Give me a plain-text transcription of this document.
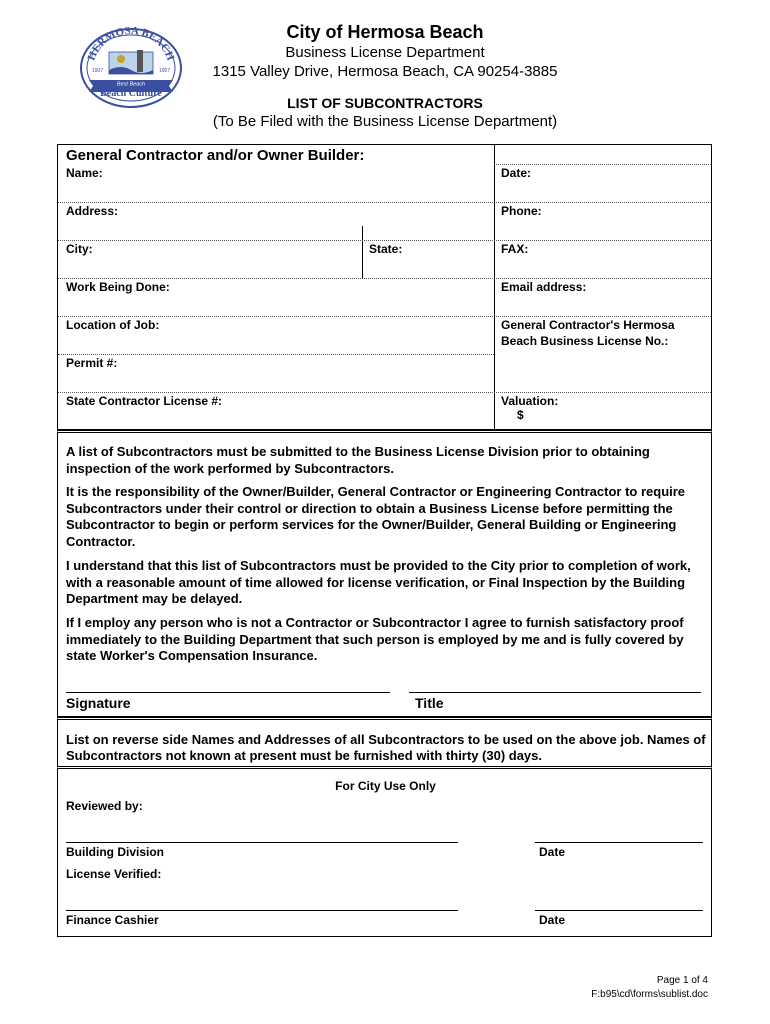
HERMOSA BEACH
1907	1907
Best Beach
Beach Culture
City of Hermosa Beach
Business License Department
1315 Valley Drive, Hermosa Beach, CA 90254-3885
LIST OF SUBCONTRACTORS
(To Be Filed with the Business License Department)
General Contractor and/or Owner Builder:
Name:	Date:
Address:	Phone:
City:	State:	FAX:
Work Being Done:	Email address:
Location of Job:	General Contractor's Hermosa
Beach Business License No.:
Permit #:
State Contractor License #:	Valuation:
$
A list of Subcontractors must be submitted to the Business License Division prior to obtaining inspection of the work performed by Subcontractors.
It is the responsibility of the Owner/Builder, General Contractor or Engineering Contractor to require Subcontractors under their control or direction to obtain a Business License before permitting the Subcontractor to begin or perform services for the Owner/Builder, General Building or Engineering Contractor.
I understand that this list of Subcontractors must be provided to the City prior to completion of work, with a reasonable amount of time allowed for license verification, or Final Inspection by the Building Department may be delayed.
If I employ any person who is not a Contractor or Subcontractor I agree to furnish satisfactory proof immediately to the Building Department that such person is employed by me and is fully covered by state Worker's Compensation Insurance.
Signature	Title
List on reverse side Names and Addresses of all Subcontractors to be used on the above job. Names of Subcontractors not known at present must be furnished with thirty (30) days.
For City Use Only
Reviewed by:
Building Division	Date
License Verified:
Finance Cashier	Date
Page 1 of 4
F:b95\cd\forms\sublist.doc
